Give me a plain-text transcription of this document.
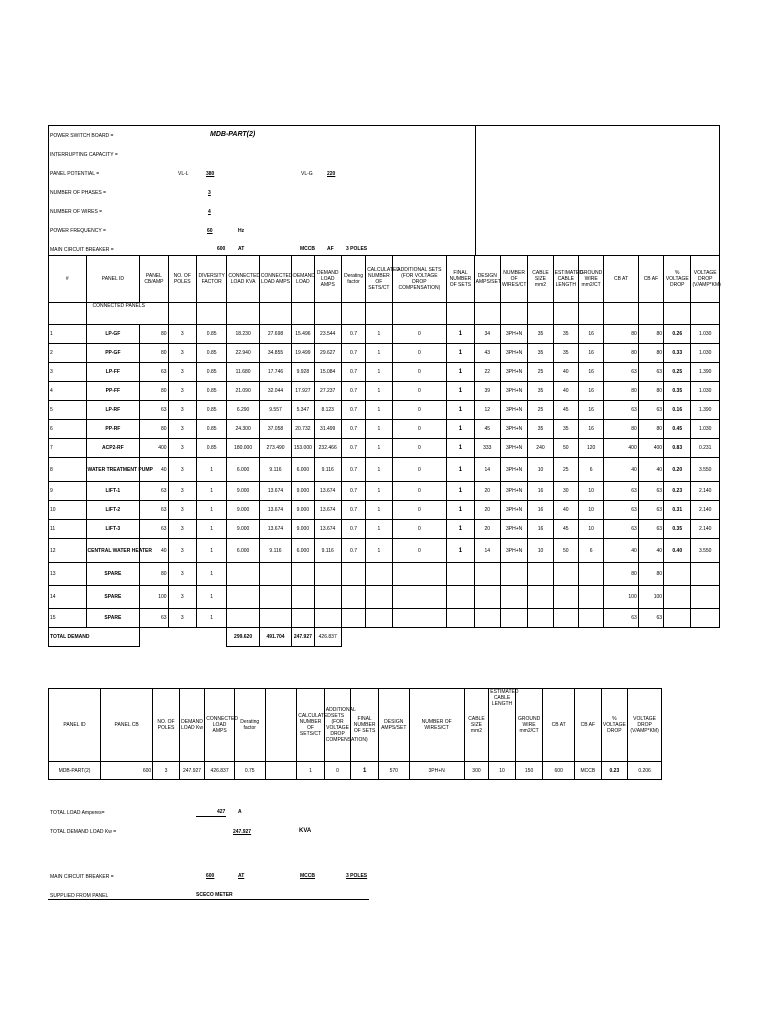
POWER SWITCH BOARD =	MDB-PART(2)
INTERRUPTING CAPACITY =
PANEL POTENTIAL =	VL-L	380	VL-G	220
NUMBER OF PHASES =	3
NUMBER OF WIRES =	4
POWER FREQUENCY =	60	Hz
MAIN CIRCUIT BREAKER =	600	AT	MCCB AF 3 POLES
#	PANEL ID	PANEL CB/AMP	NO. OF POLES	DIVERSITY FACTOR	CONNECTED LOAD KVA	CONNECTED LOAD AMPS	DEMAND LOAD	DEMAND LOAD AMPS	Derating factor	CALCULATED NUMBER OF SETS/CT	ADDITIONAL SETS (FOR VOLTAGE DROP COMPENSATION)	FINAL NUMBER OF SETS	DESIGN AMPS/SET	NUMBER OF WIRES/CT	CABLE SIZE mm2	ESTIMATED CABLE LENGTH	GROUND WIRE mm2/CT	CB AT	CB AF	% VOLTAGE DROP	VOLTAGE DROP (V/AMP*KM)
	CONNECTED PANELS																				
1	LP-GF	80	3	0.85	18.230	27.698	15.496	23.544	0.7	1	0	1	34	3PH+N	35	35	16	80	80	0.26	1.030
2	PP-GF	80	3	0.85	22.940	34.855	19.499	29.627	0.7	1	0	1	43	3PH+N	35	35	16	80	80	0.33	1.030
3	LP-FF	63	3	0.85	11.680	17.746	9.928	15.084	0.7	1	0	1	22	3PH+N	25	40	16	63	63	0.25	1.390
4	PP-FF	80	3	0.85	21.090	32.044	17.927	27.237	0.7	1	0	1	39	3PH+N	35	40	16	80	80	0.35	1.030
5	LP-RF	63	3	0.85	6.290	9.557	5.347	8.123	0.7	1	0	1	12	3PH+N	25	45	16	63	63	0.16	1.390
6	PP-RF	80	3	0.85	24.300	37.058	20.732	31.499	0.7	1	0	1	45	3PH+N	35	35	16	80	80	0.45	1.030
7	ACP2-RF	400	3	0.85	180.000	273.490	153.000	232.466	0.7	1	0	1	333	3PH+N	240	50	120	400	400	0.83	0.231
8	WATER TREATMENT PUMP	40	3	1	6.000	9.116	6.000	9.116	0.7	1	0	1	14	3PH+N	10	25	6	40	40	0.20	3.550
9	LIFT-1	63	3	1	9.000	13.674	9.000	13.674	0.7	1	0	1	20	3PH+N	16	30	10	63	63	0.23	2.140
10	LIFT-2	63	3	1	9.000	13.674	9.000	13.674	0.7	1	0	1	20	3PH+N	16	40	10	63	63	0.31	2.140
11	LIFT-3	63	3	1	9.000	13.674	9.000	13.674	0.7	1	0	1	20	3PH+N	16	45	10	63	63	0.35	2.140
12	CENTRAL WATER HEATER	40	3	1	6.000	9.116	6.000	9.116	0.7	1	0	1	14	3PH+N	10	50	6	40	40	0.40	3.550
13	SPARE	80	3	1														80	80		
14	SPARE	100	3	1														100	100		
15	SPARE	63	3	1														63	63		
TOTAL DEMAND					299.620	491.704	247.927	426.837													
PANEL ID	PANEL CB	NO. OF POLES	DEMAND LOAD Kw	CONNECTED LOAD AMPS	Derating factor		CALCULATED NUMBER OF SETS/CT	ADDITIONAL SETS (FOR VOLTAGE DROP COMPENSATION)	FINAL NUMBER OF SETS	DESIGN AMPS/SET	NUMBER OF WIRES/CT	CABLE SIZE mm2	ESTIMATED CABLE LENGTH	GROUND WIRE mm2/CT	CB AT	CB AF	% VOLTAGE DROP	VOLTAGE DROP (V/AMP*KM)
MDB-PART(2)	600	3	247.927	426.837	0.75		1	0	1	570	3PH+N	300	10	150	600	MCCB	0.23	0.206
TOTAL LOAD Amperes=	427	A
TOTAL DEMAND LOAD Kw =	247.927	KVA
MAIN CIRCUIT BREAKER =	600	AT	MCCB	3 POLES
SUPPLIED FROM PANEL	SCECO METER
